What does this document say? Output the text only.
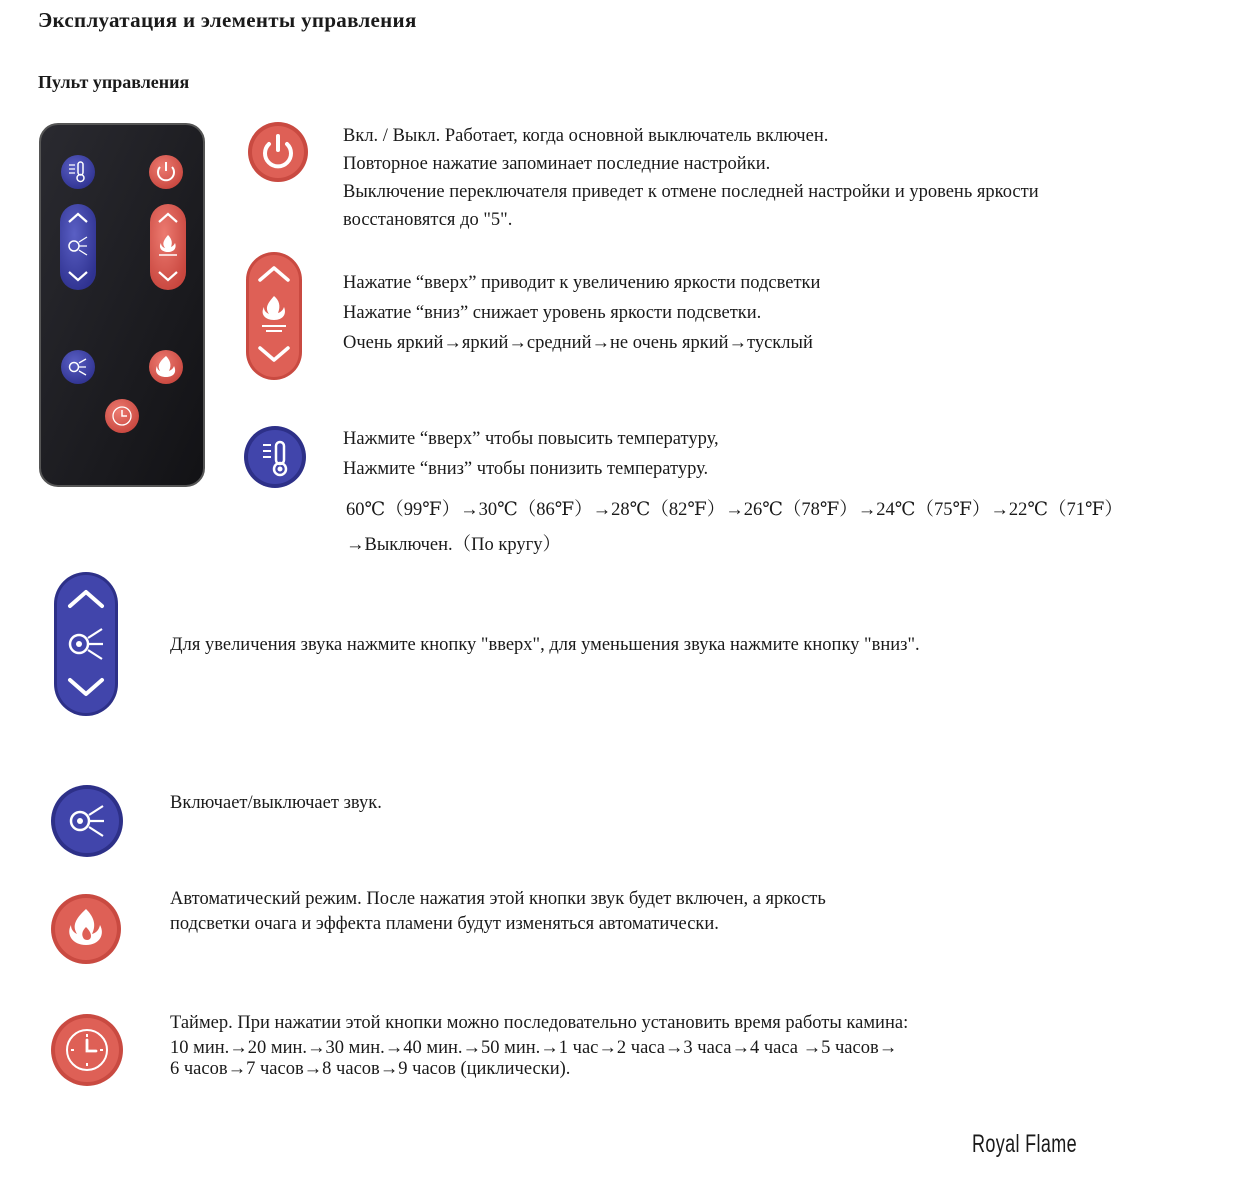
Эксплуатация и элементы управления
Пульт управления
Вкл. / Выкл. Работает, когда основной выключатель включен.
Повторное нажатие запоминает последние настройки.
Выключение переключателя приведет к отмене последней настройки и уровень яркости
восстановятся до "5".
Нажатие “вверх” приводит к увеличению яркости подсветки
Нажатие “вниз” снижает уровень яркости подсветки.
Очень яркий→яркий→средний→не очень яркий→тусклый
Нажмите “вверх” чтобы повысить температуру,
Нажмите “вниз” чтобы понизить температуру.
60℃（99℉）→30℃（86℉）→28℃（82℉）→26℃（78℉）→24℃（75℉）→22℃（71℉）
→Выключен.（По кругу）
Для увеличения звука нажмите кнопку "вверх", для уменьшения звука нажмите кнопку "вниз".
Включает/выключает звук.
Автоматический режим. После нажатия этой кнопки звук будет включен, а яркость
подсветки очага и эффекта пламени будут изменяться автоматически.
Таймер. При нажатии этой кнопки можно последовательно установить время работы камина:
10 мин.→20 мин.→30 мин.→40 мин.→50 мин.→1 час→2 часа→3 часа→4 часа →5 часов→
6 часов→7 часов→8 часов→9 часов (циклически).
Royal Flame
